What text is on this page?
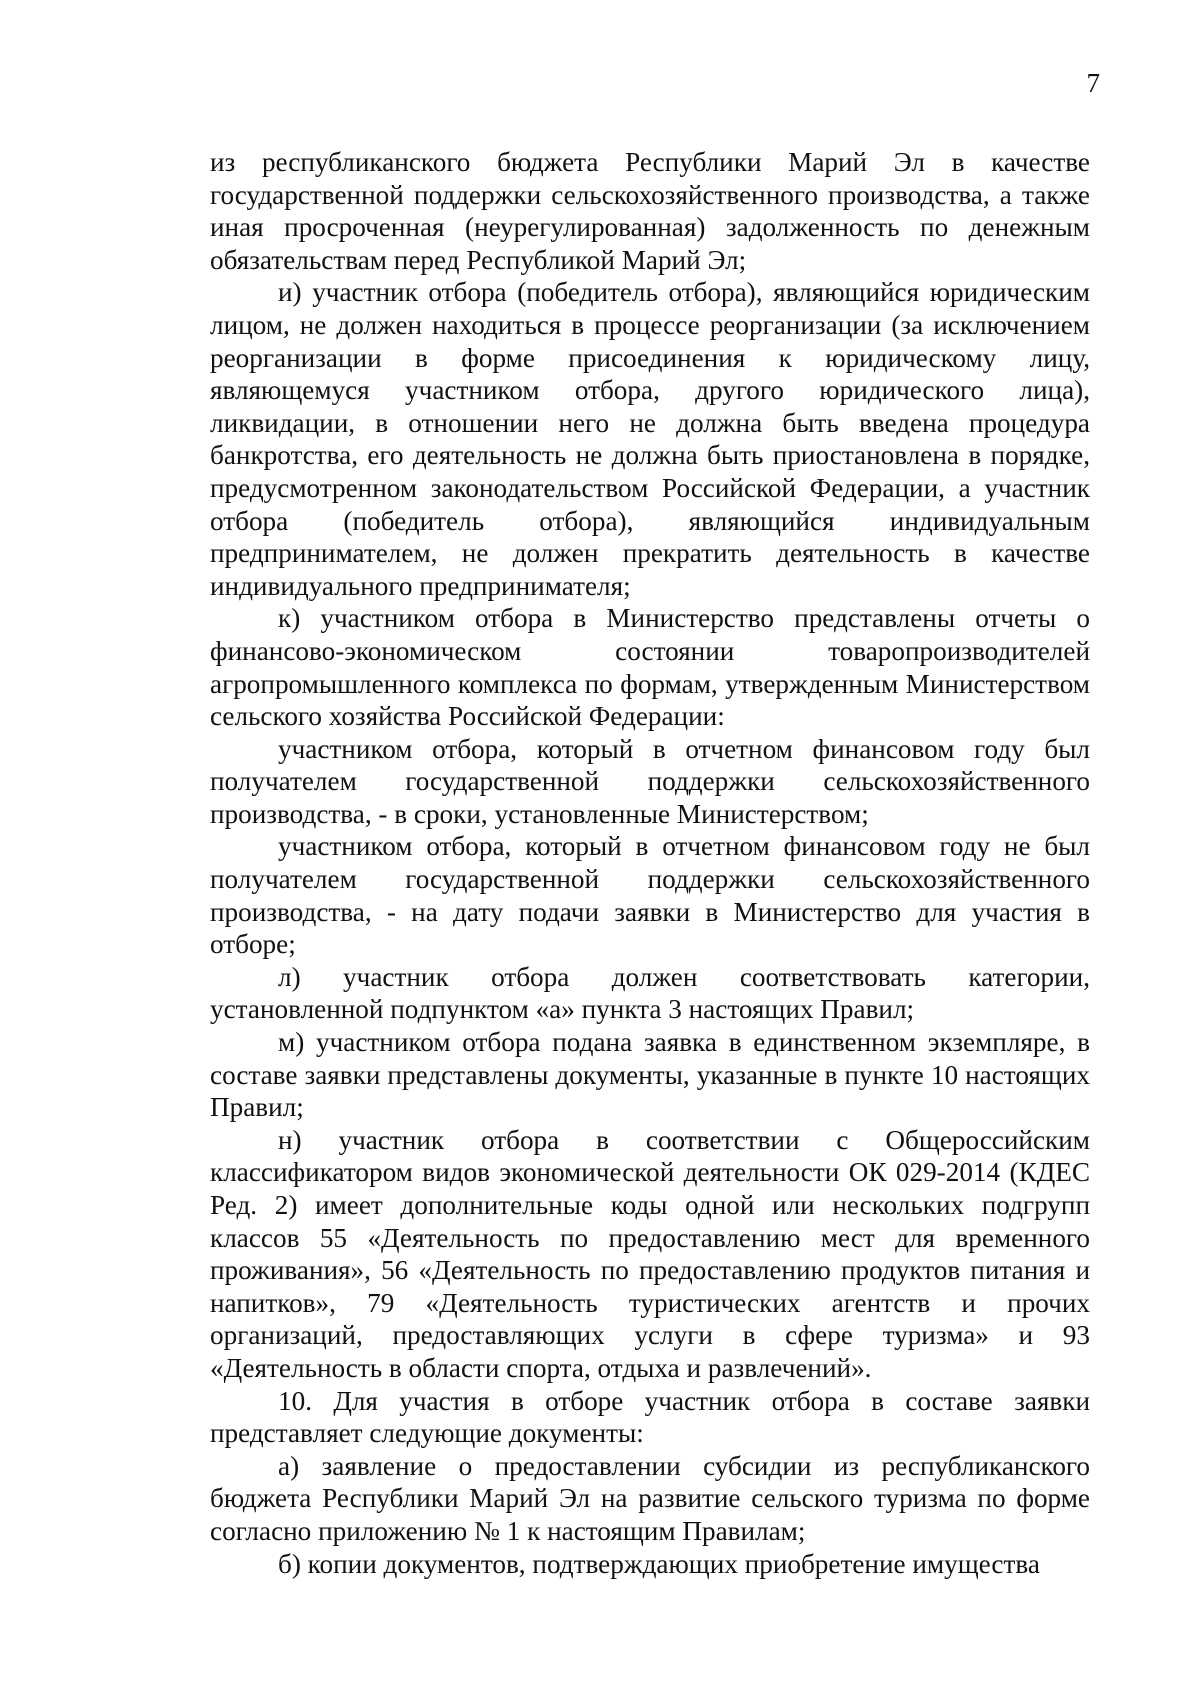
7

из республиканского бюджета Республики Марий Эл в качестве государственной поддержки сельскохозяйственного производства, а также иная просроченная (неурегулированная) задолженность по денежным обязательствам перед Республикой Марий Эл;

и) участник отбора (победитель отбора), являющийся юридическим лицом, не должен находиться в процессе реорганизации (за исключением реорганизации в форме присоединения к юридическому лицу, являющемуся участником отбора, другого юридического лица), ликвидации, в отношении него не должна быть введена процедура банкротства, его деятельность не должна быть приостановлена в порядке, предусмотренном законодательством Российской Федерации, а участник отбора (победитель отбора), являющийся индивидуальным предпринимателем, не должен прекратить деятельность в качестве индивидуального предпринимателя;

к) участником отбора в Министерство представлены отчеты о финансово-экономическом состоянии товаропроизводителей агропромышленного комплекса по формам, утвержденным Министерством сельского хозяйства Российской Федерации:

участником отбора, который в отчетном финансовом году был получателем государственной поддержки сельскохозяйственного производства, - в сроки, установленные Министерством;

участником отбора, который в отчетном финансовом году не был получателем государственной поддержки сельскохозяйственного производства, - на дату подачи заявки в Министерство для участия в отборе;

л) участник отбора должен соответствовать категории, установленной подпунктом «а» пункта 3 настоящих Правил;

м) участником отбора подана заявка в единственном экземпляре, в составе заявки представлены документы, указанные в пункте 10 настоящих Правил;

н) участник отбора в соответствии с Общероссийским классификатором видов экономической деятельности ОК 029-2014 (КДЕС Ред. 2) имеет дополнительные коды одной или нескольких подгрупп классов 55 «Деятельность по предоставлению мест для временного проживания», 56 «Деятельность по предоставлению продуктов питания и напитков», 79 «Деятельность туристических агентств и прочих организаций, предоставляющих услуги в сфере туризма» и 93 «Деятельность в области спорта, отдыха и развлечений».

10. Для участия в отборе участник отбора в составе заявки представляет следующие документы:

а) заявление о предоставлении субсидии из республиканского бюджета Республики Марий Эл на развитие сельского туризма по форме согласно приложению № 1 к настоящим Правилам;

б) копии документов, подтверждающих приобретение имущества
